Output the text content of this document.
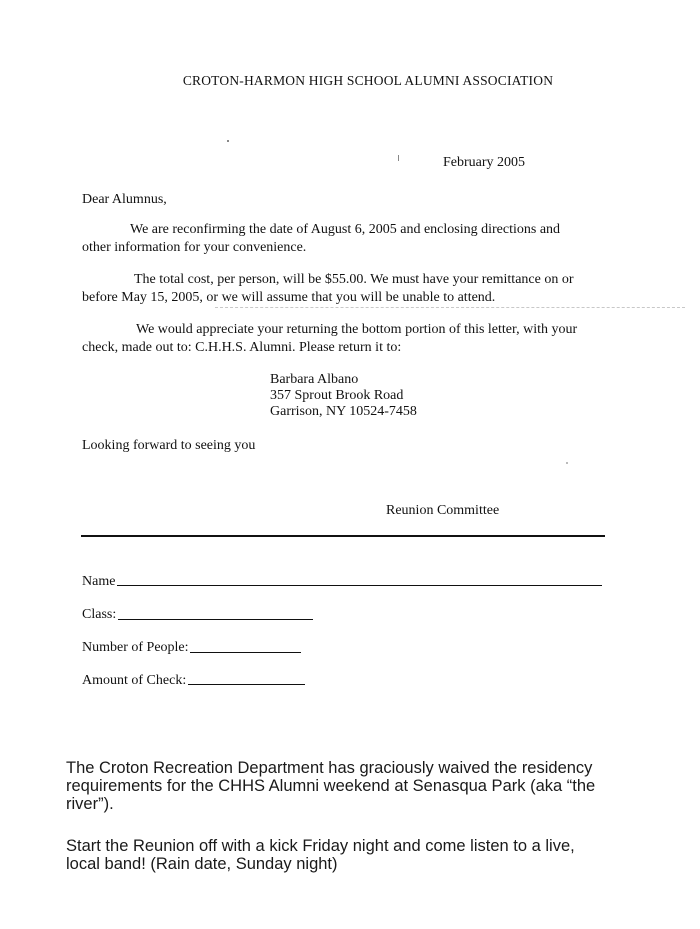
CROTON-HARMON HIGH SCHOOL ALUMNI ASSOCIATION
February 2005
Dear Alumnus,
We are reconfirming the date of August 6, 2005 and enclosing directions and
other information for your convenience.
The total cost, per person, will be $55.00. We must have your remittance on or
before May 15, 2005, or we will assume that you will be unable to attend.
We would appreciate your returning the bottom portion of this letter, with your
check, made out to: C.H.H.S. Alumni. Please return it to:
Barbara Albano
357 Sprout Brook Road
Garrison, NY 10524-7458
Looking forward to seeing you
Reunion Committee
Name
Class:
Number of People:
Amount of Check:
The Croton Recreation Department has graciously waived the residency
requirements for the CHHS Alumni weekend at Senasqua Park (aka “the
river”).
Start the Reunion off with a kick Friday night and come listen to a live,
local band! (Rain date, Sunday night)
